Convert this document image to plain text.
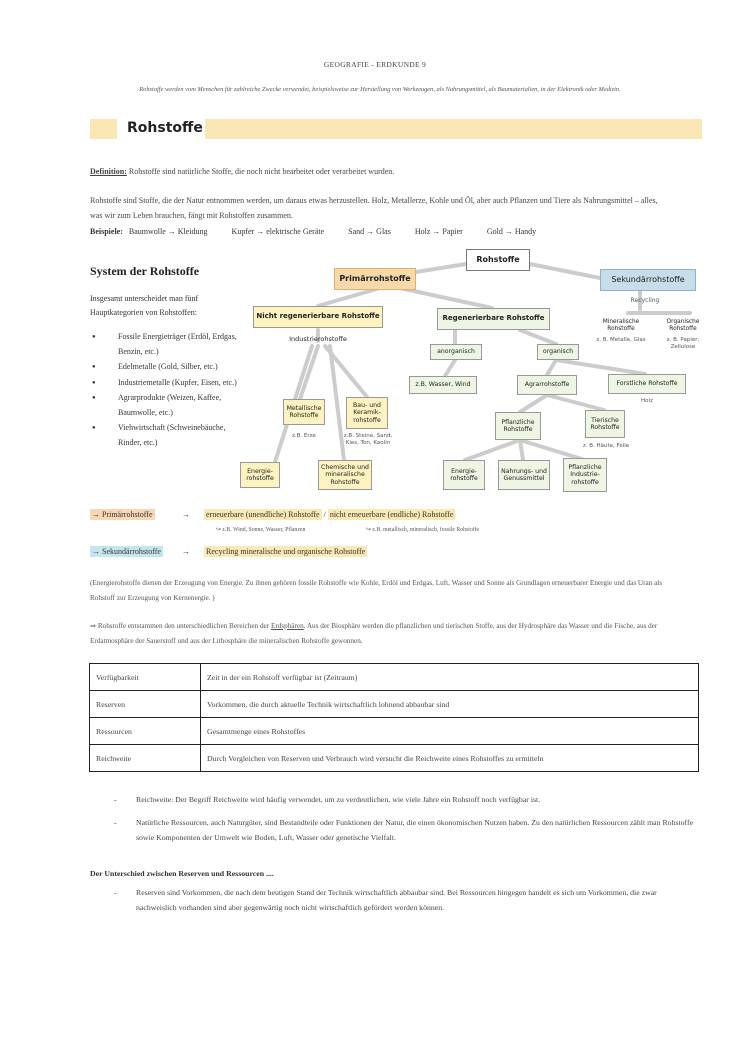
GEOGRAFIE - ERDKUNDE 9
Rohstoffe werden vom Menschen für zahlreiche Zwecke verwendet, beispielsweise zur Herstellung von Werkzeugen, als Nahrungsmittel, als Baumaterialien, in der Elektronik oder Medizin.
Rohstoffe
Definition: Rohstoffe sind natürliche Stoffe, die noch nicht bearbeitet oder verarbeitet wurden.
Rohstoffe sind Stoffe, die der Natur entnommen werden, um daraus etwas herzustellen. Holz, Metallerze, Kohle und Öl, aber auch Pflanzen und Tiere als Nahrungsmittel – alles, was wir zum Leben brauchen, fängt mit Rohstoffen zusammen.
Beispiele: Baumwolle → Kleidung	Kupfer → elektrische Geräte	Sand → Glas	Holz → Papier	Gold → Handy
System der Rohstoffe
Insgesamt unterscheidet man fünf Hauptkategorien von Rohstoffen:
● Fossile Energieträger (Erdöl, Erdgas, Benzin, etc.)
● Edelmetalle (Gold, Silber, etc.)
● Industriemetalle (Kupfer, Eisen, etc.)
● Agrarprodukte (Weizen, Kaffee, Baumwolle, etc.)
● Viehwirtschaft (Schweinebäuche, Rinder, etc.)
Rohstoffe
Primärrohstoffe	Sekundärrohstoffe
Recycling
Mineralische Rohstoffe
z. B. Metalle, Glas
Organische Rohstoffe
z. B. Papier, Zellulose
Nicht regenerierbare Rohstoffe
Industrierohstoffe
Regenerierbare Rohstoffe
anorganisch	organisch
z.B. Wasser, Wind	Agrarrohstoffe	Forstliche Rohstoffe
Holz
Metallische Rohstoffe
z.B. Erze
Bau- und Keramik-rohstoffe
z.B. Steine, Sand, Kies, Ton, Kaolin
Pflanzliche Rohstoffe
Tierische Rohstoffe
z. B. Häute, Felle
Energie-rohstoffe
Chemische und mineralische Rohstoffe
Energie-rohstoffe
Nahrungs- und Genussmittel
Pflanzliche Industrie-rohstoffe
→ Primärrohstoffe	→ erneuerbare (unendliche) Rohstoffe / nicht erneuerbare (endliche) Rohstoffe
↪ z.B. Wind, Sonne, Wasser, Pflanzen	↪ z.B. metallisch, mineralisch, fossile Rohstoffe
→ Sekundärrohstoffe	→ Recycling mineralische und organische Rohstoffe
(Energierohstoffe dienen der Erzeugung von Energie. Zu ihnen gehören fossile Rohstoffe wie Kohle, Erdöl und Erdgas, Luft, Wasser und Sonne als Grundlagen erneuerbarer Energie und das Uran als Rohstoff zur Erzeugung von Kernenergie. )
⇒ Rohstoffe entstammen den unterschiedlichen Bereichen der Erdsphären. Aus der Biosphäre werden die pflanzlichen und tierischen Stoffe, aus der Hydrosphäre das Wasser und die Fische, aus der Erdatmosphäre der Sauerstoff und aus der Lithosphäre die mineralischen Rohstoffe gewonnen.
Verfügbarkeit	Zeit in der ein Rohstoff verfügbar ist (Zeitraum)
Reserven	Vorkommen, die durch aktuelle Technik wirtschaftlich lohnend abbaubar sind
Ressourcen	Gesamtmenge eines Rohstoffes
Reichweite	Durch Vergleichen von Reserven und Verbrauch wird versucht die Reichweite eines Rohstoffes zu ermitteln
- Reichweite: Der Begriff Reichweite wird häufig verwendet, um zu verdeutlichen, wie viele Jahre ein Rohstoff noch verfügbar ist.
- Natürliche Ressourcen, auch Naturgüter, sind Bestandteile oder Funktionen der Natur, die einen ökonomischen Nutzen haben. Zu den natürlichen Ressourcen zählt man Rohstoffe sowie Komponenten der Umwelt wie Boden, Luft, Wasser oder genetische Vielfalt.
Der Unterschied zwischen Reserven und Ressourcen ....
- Reserven sind Vorkommen, die nach dem heutigen Stand der Technik wirtschaftlich abbaubar sind. Bei Ressourcen hingegen handelt es sich um Vorkommen, die zwar nachweislich vorhanden sind aber gegenwärtig noch nicht wirtschaftlich gefördert werden können.
